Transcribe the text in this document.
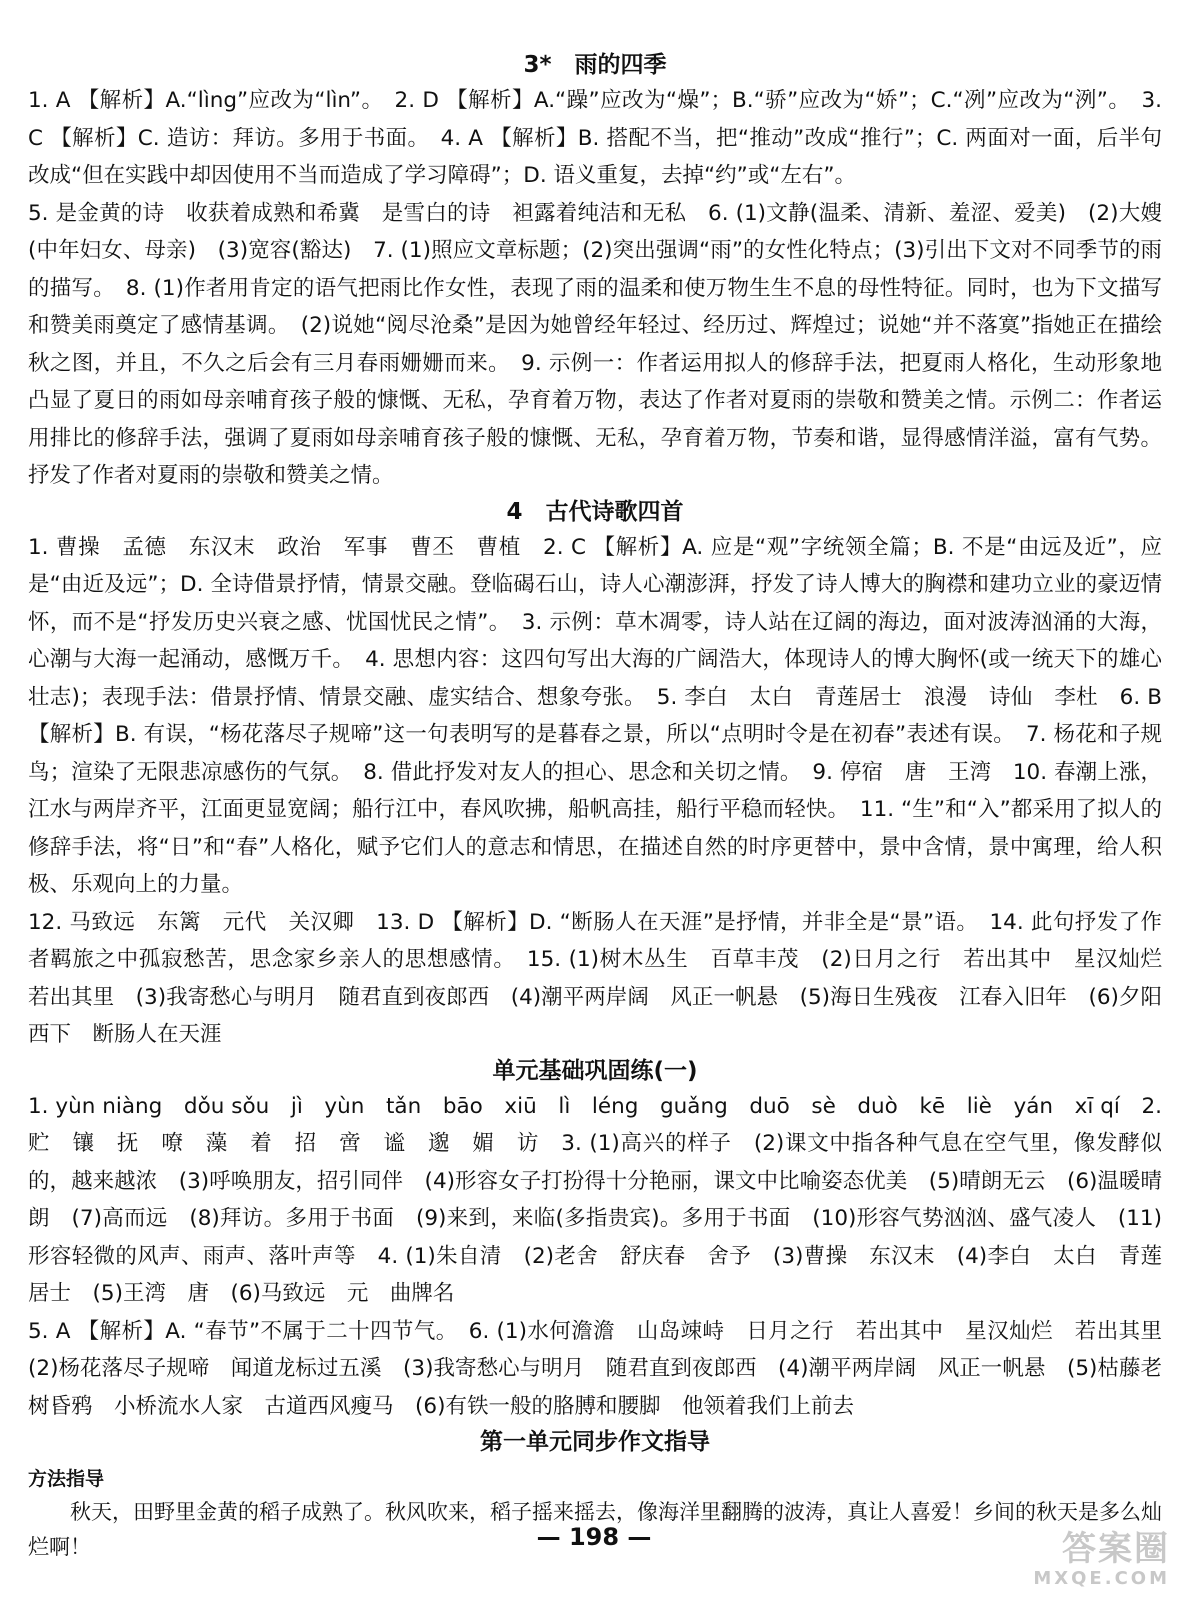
3*　雨的四季

1. A 【解析】A.“lìng”应改为“lìn”。　2. D 【解析】A.“躁”应改为“燥”；B.“骄”应改为“娇”；C.“冽”应改为“洌”。　3. C 【解析】C. 造访：拜访。多用于书面。　4. A 【解析】B. 搭配不当，把“推动”改成“推行”；C. 两面对一面，后半句改成“但在实践中却因使用不当而造成了学习障碍”；D. 语义重复，去掉“约”或“左右”。

5. 是金黄的诗　收获着成熟和希冀　是雪白的诗　袒露着纯洁和无私　6. (1)文静(温柔、清新、羞涩、爱美)　(2)大嫂(中年妇女、母亲)　(3)宽容(豁达)　7. (1)照应文章标题；(2)突出强调“雨”的女性化特点；(3)引出下文对不同季节的雨的描写。　8. (1)作者用肯定的语气把雨比作女性，表现了雨的温柔和使万物生生不息的母性特征。同时，也为下文描写和赞美雨奠定了感情基调。　(2)说她“阅尽沧桑”是因为她曾经年轻过、经历过、辉煌过；说她“并不落寞”指她正在描绘秋之图，并且，不久之后会有三月春雨姗姗而来。　9. 示例一：作者运用拟人的修辞手法，把夏雨人格化，生动形象地凸显了夏日的雨如母亲哺育孩子般的慷慨、无私，孕育着万物，表达了作者对夏雨的崇敬和赞美之情。示例二：作者运用排比的修辞手法，强调了夏雨如母亲哺育孩子般的慷慨、无私，孕育着万物，节奏和谐，显得感情洋溢，富有气势。抒发了作者对夏雨的崇敬和赞美之情。

4　古代诗歌四首

1. 曹操　孟德　东汉末　政治　军事　曹丕　曹植　2. C 【解析】A. 应是“观”字统领全篇；B. 不是“由远及近”，应是“由近及远”；D. 全诗借景抒情，情景交融。登临碣石山，诗人心潮澎湃，抒发了诗人博大的胸襟和建功立业的豪迈情怀，而不是“抒发历史兴衰之感、忧国忧民之情”。　3. 示例：草木凋零，诗人站在辽阔的海边，面对波涛汹涌的大海，心潮与大海一起涌动，感慨万千。　4. 思想内容：这四句写出大海的广阔浩大，体现诗人的博大胸怀(或一统天下的雄心壮志)；表现手法：借景抒情、情景交融、虚实结合、想象夸张。　5. 李白　太白　青莲居士　浪漫　诗仙　李杜　6. B 【解析】B. 有误，“杨花落尽子规啼”这一句表明写的是暮春之景，所以“点明时令是在初春”表述有误。　7. 杨花和子规鸟；渲染了无限悲凉感伤的气氛。　8. 借此抒发对友人的担心、思念和关切之情。　9. 停宿　唐　王湾　10. 春潮上涨，江水与两岸齐平，江面更显宽阔；船行江中，春风吹拂，船帆高挂，船行平稳而轻快。　11. “生”和“入”都采用了拟人的修辞手法，将“日”和“春”人格化，赋予它们人的意志和情思，在描述自然的时序更替中，景中含情，景中寓理，给人积极、乐观向上的力量。

12. 马致远　东篱　元代　关汉卿　13. D 【解析】D. “断肠人在天涯”是抒情，并非全是“景”语。　14. 此句抒发了作者羁旅之中孤寂愁苦，思念家乡亲人的思想感情。　15. (1)树木丛生　百草丰茂　(2)日月之行　若出其中　星汉灿烂　若出其里　(3)我寄愁心与明月　随君直到夜郎西　(4)潮平两岸阔　风正一帆悬　(5)海日生残夜　江春入旧年　(6)夕阳西下　断肠人在天涯

单元基础巩固练(一)

1. yùn niàng　dǒu sǒu　jì　yùn　tǎn　bāo　xiū　lì　léng　guǎng　duō　sè　duò　kē　liè　yán　xī qí　2. 贮　镶　抚　嘹　藻　着　招　啻　谧　邈　媚　访　3. (1)高兴的样子　(2)课文中指各种气息在空气里，像发酵似的，越来越浓　(3)呼唤朋友，招引同伴　(4)形容女子打扮得十分艳丽，课文中比喻姿态优美　(5)晴朗无云　(6)温暖晴朗　(7)高而远　(8)拜访。多用于书面　(9)来到，来临(多指贵宾)。多用于书面　(10)形容气势汹汹、盛气凌人　(11)形容轻微的风声、雨声、落叶声等　4. (1)朱自清　(2)老舍　舒庆春　舍予　(3)曹操　东汉末　(4)李白　太白　青莲居士　(5)王湾　唐　(6)马致远　元　曲牌名

5. A 【解析】A. “春节”不属于二十四节气。　6. (1)水何澹澹　山岛竦峙　日月之行　若出其中　星汉灿烂　若出其里　(2)杨花落尽子规啼　闻道龙标过五溪　(3)我寄愁心与明月　随君直到夜郎西　(4)潮平两岸阔　风正一帆悬　(5)枯藤老树昏鸦　小桥流水人家　古道西风瘦马　(6)有铁一般的胳膊和腰脚　他领着我们上前去

第一单元同步作文指导
方法指导

秋天，田野里金黄的稻子成熟了。秋风吹来，稻子摇来摇去，像海洋里翻腾的波涛，真让人喜爱！乡间的秋天是多么灿烂啊！	— 198 —	答案圈
MXQE.COM
